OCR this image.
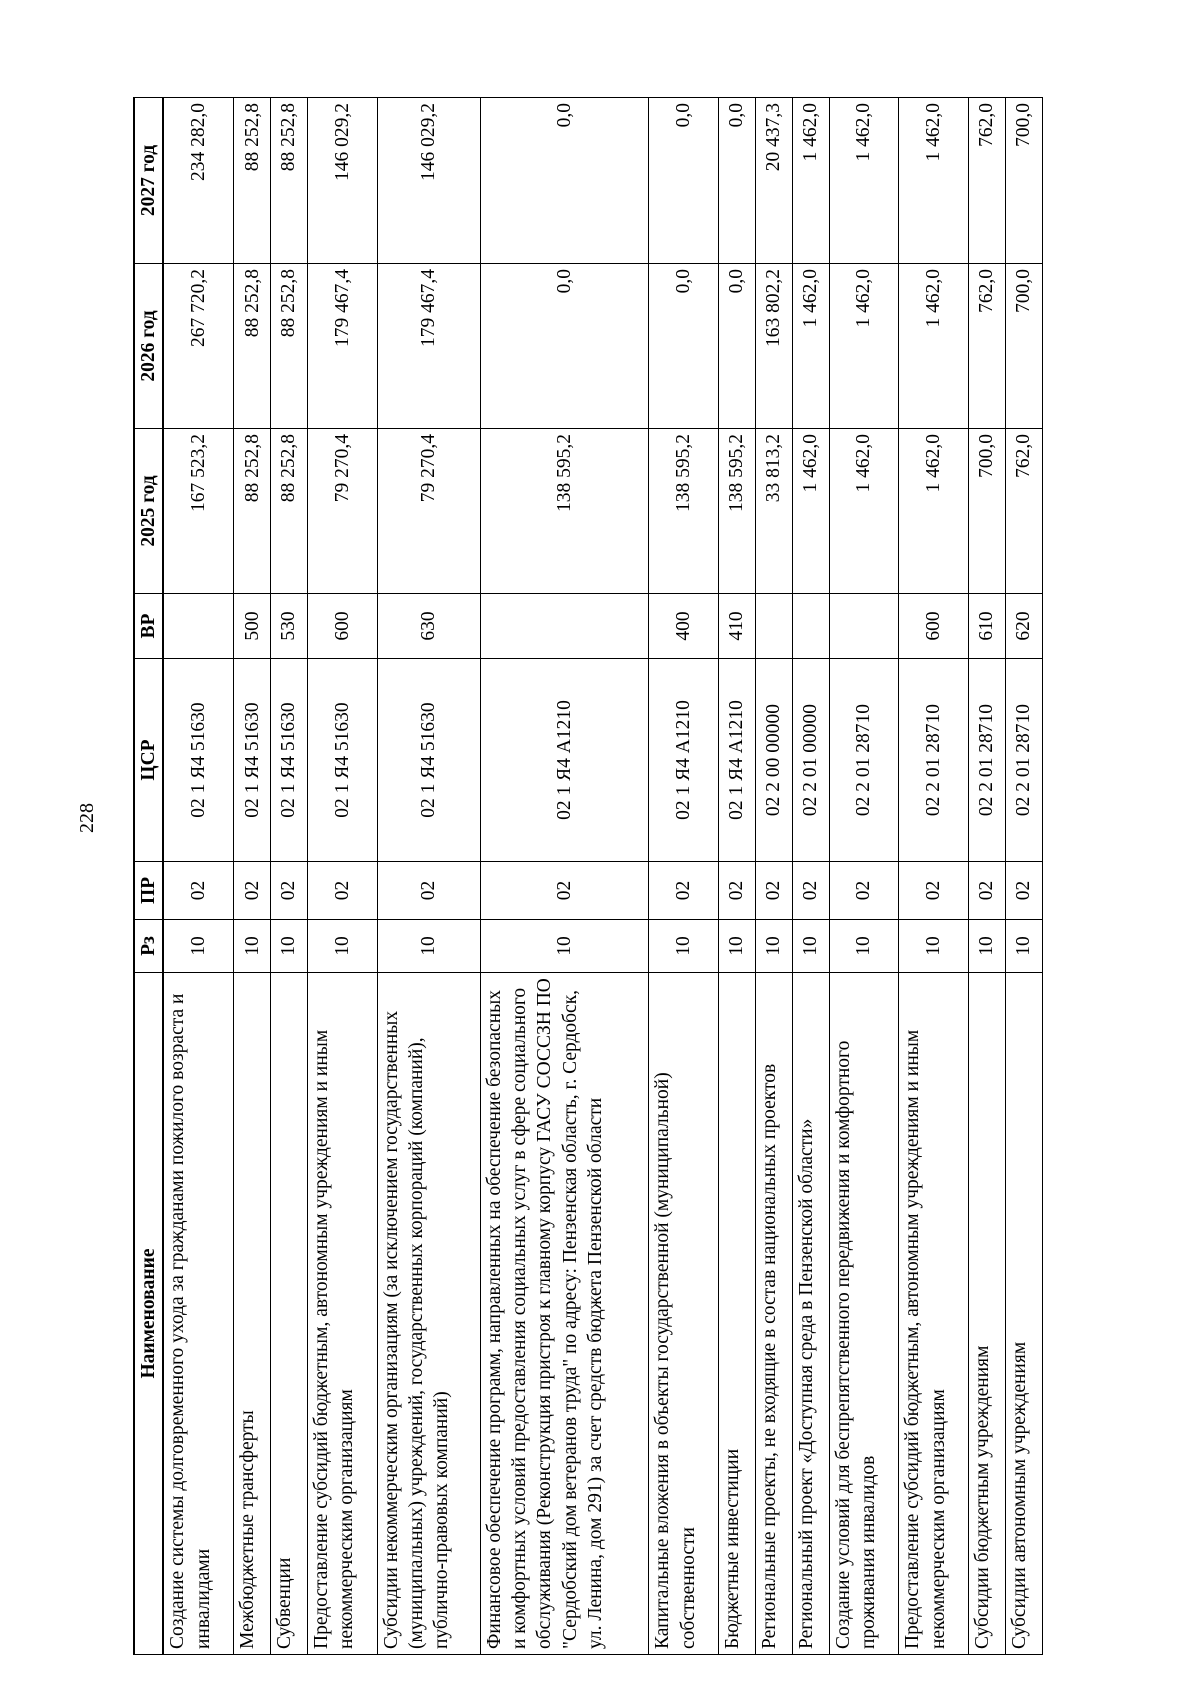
228
Наименование	Рз	ПР	ЦСР	ВР	2025 год	2026 год	2027 год
Создание системы долговременного ухода за гражданами пожилого возраста и инвалидами	10	02	02 1 Я4 51630		167 523,2	267 720,2	234 282,0
Межбюджетные трансферты	10	02	02 1 Я4 51630	500	88 252,8	88 252,8	88 252,8
Субвенции	10	02	02 1 Я4 51630	530	88 252,8	88 252,8	88 252,8
Предоставление субсидий бюджетным, автономным учреждениям и иным некоммерческим организациям	10	02	02 1 Я4 51630	600	79 270,4	179 467,4	146 029,2
Субсидии некоммерческим организациям (за исключением государственных (муниципальных) учреждений, государственных корпораций (компаний), публично-правовых компаний)	10	02	02 1 Я4 51630	630	79 270,4	179 467,4	146 029,2
Финансовое обеспечение программ, направленных на обеспечение безопасных и комфортных условий предоставления социальных услуг в сфере социального обслуживания (Реконструкция пристроя к главному корпусу ГАСУ СОССЗН ПО "Сердобский дом ветеранов труда" по адресу: Пензенская область, г. Сердобск, ул. Ленина, дом 291) за счет средств бюджета Пензенской области	10	02	02 1 Я4 А1210		138 595,2	0,0	0,0
Капитальные вложения в объекты государственной (муниципальной) собственности	10	02	02 1 Я4 А1210	400	138 595,2	0,0	0,0
Бюджетные инвестиции	10	02	02 1 Я4 А1210	410	138 595,2	0,0	0,0
Региональные проекты, не входящие в состав национальных проектов	10	02	02 2 00 00000		33 813,2	163 802,2	20 437,3
Региональный проект «Доступная среда в Пензенской области»	10	02	02 2 01 00000		1 462,0	1 462,0	1 462,0
Создание условий для беспрепятственного передвижения и комфортного проживания инвалидов	10	02	02 2 01 28710		1 462,0	1 462,0	1 462,0
Предоставление субсидий бюджетным, автономным учреждениям и иным некоммерческим организациям	10	02	02 2 01 28710	600	1 462,0	1 462,0	1 462,0
Субсидии бюджетным учреждениям	10	02	02 2 01 28710	610	700,0	762,0	762,0
Субсидии автономным учреждениям	10	02	02 2 01 28710	620	762,0	700,0	700,0
